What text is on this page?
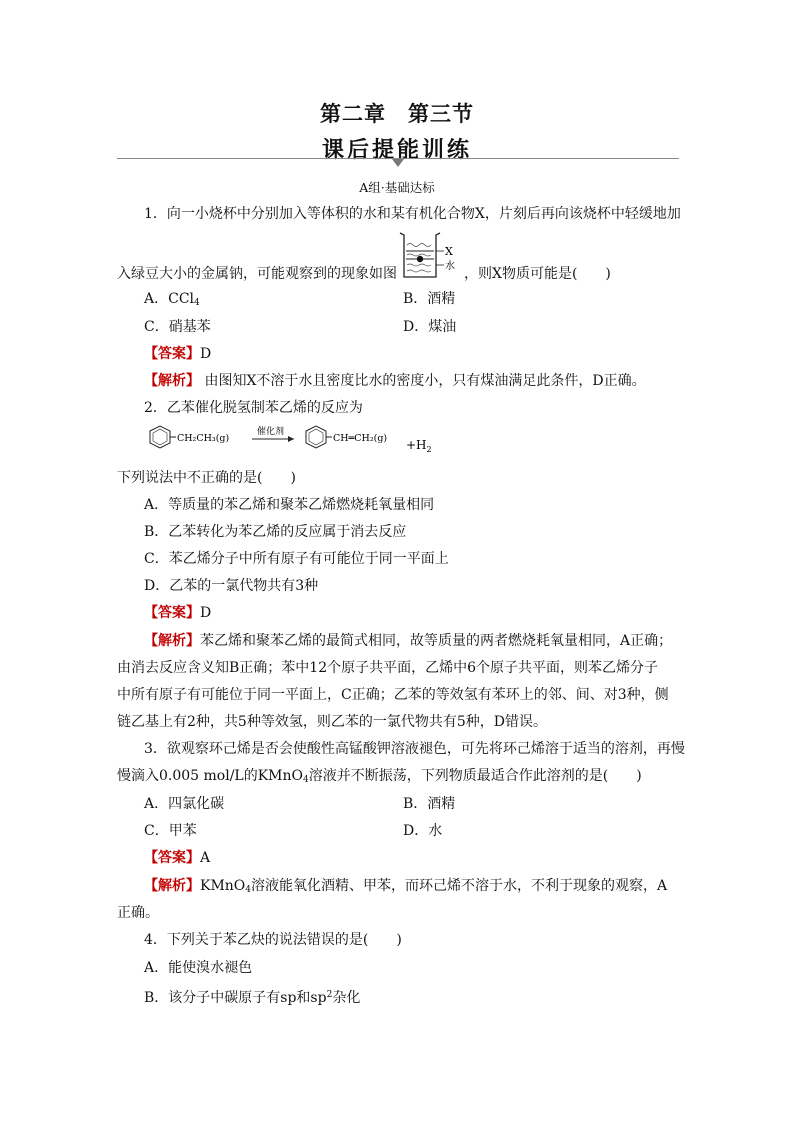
第二章　第三节
课后提能训练
A组·基础达标
1．向一小烧杯中分别加入等体积的水和某有机化合物X，片刻后再向该烧杯中轻缓地加
入绿豆大小的金属钠，可能观察到的现象如图
X
水 ，则X物质可能是(　　)
A．CCl$_4$	B．酒精
C．硝基苯	D．煤油
【答案】D
【解析】 由图知X不溶于水且密度比水的密度小，只有煤油满足此条件，D正确。
2．乙苯催化脱氢制苯乙烯的反应为
CH₂CH₃(g)
催化剂
CH═CH₂(g) $+H_2$
下列说法中不正确的是(　　)
A．等质量的苯乙烯和聚苯乙烯燃烧耗氧量相同
B．乙苯转化为苯乙烯的反应属于消去反应
C．苯乙烯分子中所有原子有可能位于同一平面上
D．乙苯的一氯代物共有3种
【答案】D
【解析】苯乙烯和聚苯乙烯的最简式相同，故等质量的两者燃烧耗氧量相同，A正确；
由消去反应含义知B正确；苯中12个原子共平面，乙烯中6个原子共平面，则苯乙烯分子
中所有原子有可能位于同一平面上，C正确；乙苯的等效氢有苯环上的邻、间、对3种，侧
链乙基上有2种，共5种等效氢，则乙苯的一氯代物共有5种，D错误。
3．欲观察环己烯是否会使酸性高锰酸钾溶液褪色，可先将环己烯溶于适当的溶剂，再慢
慢滴入0.005 mol/L的KMnO$_4$溶液并不断振荡，下列物质最适合作此溶剂的是(　　)
A．四氯化碳	B．酒精
C．甲苯	D．水
【答案】A
【解析】KMnO$_4$溶液能氧化酒精、甲苯，而环己烯不溶于水，不利于现象的观察，A
正确。
4．下列关于苯乙炔的说法错误的是(　　)
A．能使溴水褪色
B．该分子中碳原子有sp和$sp^2$杂化
